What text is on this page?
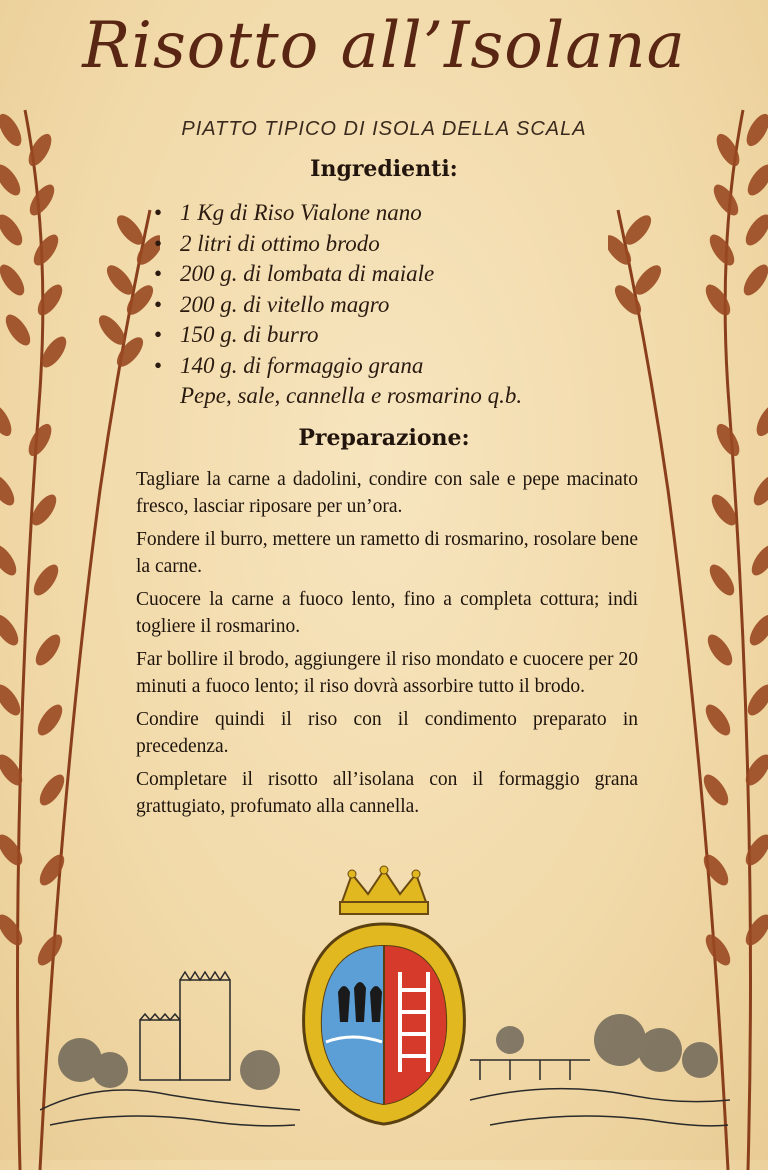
Risotto all’Isolana
PIATTO TIPICO DI ISOLA DELLA SCALA
Ingredienti:
• 1 Kg di Riso Vialone nano
• 2 litri di ottimo brodo
• 200 g. di lombata di maiale
• 200 g. di vitello magro
• 150 g. di burro
• 140 g. di formaggio grana
Pepe, sale, cannella e rosmarino q.b.
Preparazione:

Tagliare la carne a dadolini, condire con sale e pepe macinato fresco, lasciar riposare per un’ora.

Fondere il burro, mettere un rametto di rosmarino, rosolare bene la carne.

Cuocere la carne a fuoco lento, fino a completa cottura; indi togliere il rosmarino.

Far bollire il brodo, aggiungere il riso mondato e cuocere per 20 minuti a fuoco lento; il riso dovrà assorbire tutto il brodo.

Condire quindi il riso con il condimento preparato in precedenza.

Completare il risotto all’isolana con il formaggio grana grattugiato, profumato alla cannella.
